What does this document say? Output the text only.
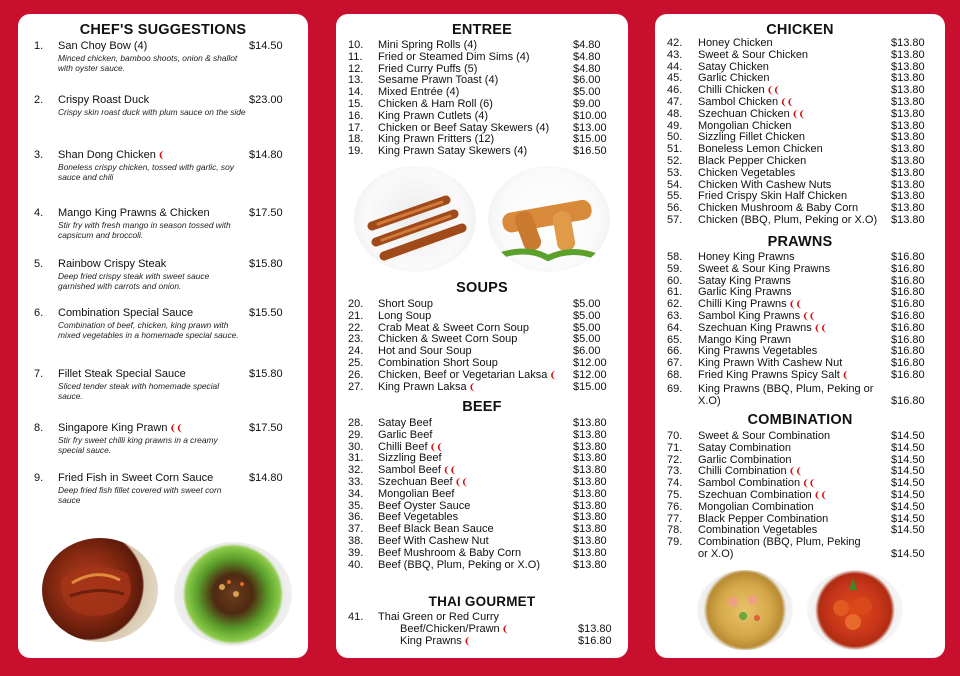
CHEF'S SUGGESTIONS
1. San Choy Bow (4)	$14.50
Minced chicken, bamboo shoots, onion & shallot with oyster sauce.
2. Crispy Roast Duck	$23.00
Crispy skin roast duck with plum sauce on the side
3. Shan Dong Chicken ❨	$14.80
Boneless crispy chicken, tossed with garlic, soy sauce and chili
4. Mango King Prawns & Chicken	$17.50
Stir fry with fresh mango in season tossed with capsicum and broccoli.
5. Rainbow Crispy Steak	$15.80
Deep fried crispy steak with sweet sauce garnished with carrots and onion.
6. Combination Special Sauce	$15.50
Combination of beef, chicken, king prawn with mixed vegetables in a homemade special sauce.
7. Fillet Steak Special Sauce	$15.80
Sliced tender steak with homemade special sauce.
8. Singapore King Prawn ❨❨	$17.50
Stir fry sweet chilli king prawns in a creamy special sauce.
9. Fried Fish in Sweet Corn Sauce	$14.80
Deep fried fish fillet covered with sweet corn sauce
ENTREE
10. Mini Spring Rolls (4)	$4.80
11. Fried or Steamed Dim Sims (4)	$4.80
12. Fried Curry Puffs (5)	$4.80
13. Sesame Prawn Toast (4)	$6.00
14. Mixed Entrée (4)	$5.00
15. Chicken & Ham Roll (6)	$9.00
16. King Prawn Cutlets (4)	$10.00
17. Chicken or Beef Satay Skewers (4) $13.00
18. King Prawn Fritters (12)	$15.00
19. King Prawn Satay Skewers (4)	$16.50
SOUPS
20. Short Soup	$5.00
21. Long Soup	$5.00
22. Crab Meat & Sweet Corn Soup	$5.00
23. Chicken & Sweet Corn Soup	$5.00
24. Hot and Sour Soup	$6.00
25. Combination Short Soup	$12.00
26. Chicken, Beef or Vegetarian Laksa ❨ $12.00
27. King Prawn Laksa ❨	$15.00
BEEF
28. Satay Beef	$13.80
29. Garlic Beef	$13.80
30. Chilli Beef ❨❨	$13.80
31. Sizzling Beef	$13.80
32. Sambol Beef ❨❨	$13.80
33. Szechuan Beef ❨❨	$13.80
34. Mongolian Beef	$13.80
35. Beef Oyster Sauce	$13.80
36. Beef Vegetables	$13.80
37. Beef Black Bean Sauce	$13.80
38. Beef With Cashew Nut	$13.80
39. Beef Mushroom & Baby Corn	$13.80
40. Beef (BBQ, Plum, Peking or X.O)	$13.80
THAI GOURMET
41. Thai Green or Red Curry
Beef/Chicken/Prawn ❨	$13.80
King Prawns ❨	$16.80
CHICKEN
42. Honey Chicken	$13.80
43. Sweet & Sour Chicken	$13.80
44. Satay Chicken	$13.80
45. Garlic Chicken	$13.80
46. Chilli Chicken ❨❨	$13.80
47. Sambol Chicken ❨❨	$13.80
48. Szechuan Chicken ❨❨	$13.80
49. Mongolian Chicken	$13.80
50. Sizzling Fillet Chicken	$13.80
51. Boneless Lemon Chicken	$13.80
52. Black Pepper Chicken	$13.80
53. Chicken Vegetables	$13.80
54. Chicken With Cashew Nuts	$13.80
55. Fried Crispy Skin Half Chicken	$13.80
56. Chicken Mushroom & Baby Corn	$13.80
57. Chicken (BBQ, Plum, Peking or X.O) $13.80
PRAWNS
58. Honey King Prawns	$16.80
59. Sweet & Sour King Prawns	$16.80
60. Satay King Prawns	$16.80
61. Garlic King Prawns	$16.80
62. Chilli King Prawns ❨❨	$16.80
63. Sambol King Prawns ❨❨	$16.80
64. Szechuan King Prawns ❨❨	$16.80
65. Mango King Prawn	$16.80
66. King Prawns Vegetables	$16.80
67. King Prawn With Cashew Nut	$16.80
68. Fried King Prawns Spicy Salt ❨	$16.80
69. King Prawns (BBQ, Plum, Peking or
X.O)	$16.80
COMBINATION
70. Sweet & Sour Combination	$14.50
71. Satay Combination	$14.50
72. Garlic Combination	$14.50
73. Chilli Combination ❨❨	$14.50
74. Sambol Combination ❨❨	$14.50
75. Szechuan Combination ❨❨	$14.50
76. Mongolian Combination	$14.50
77. Black Pepper Combination	$14.50
78. Combination Vegetables	$14.50
79. Combination (BBQ, Plum, Peking
or X.O)	$14.50
